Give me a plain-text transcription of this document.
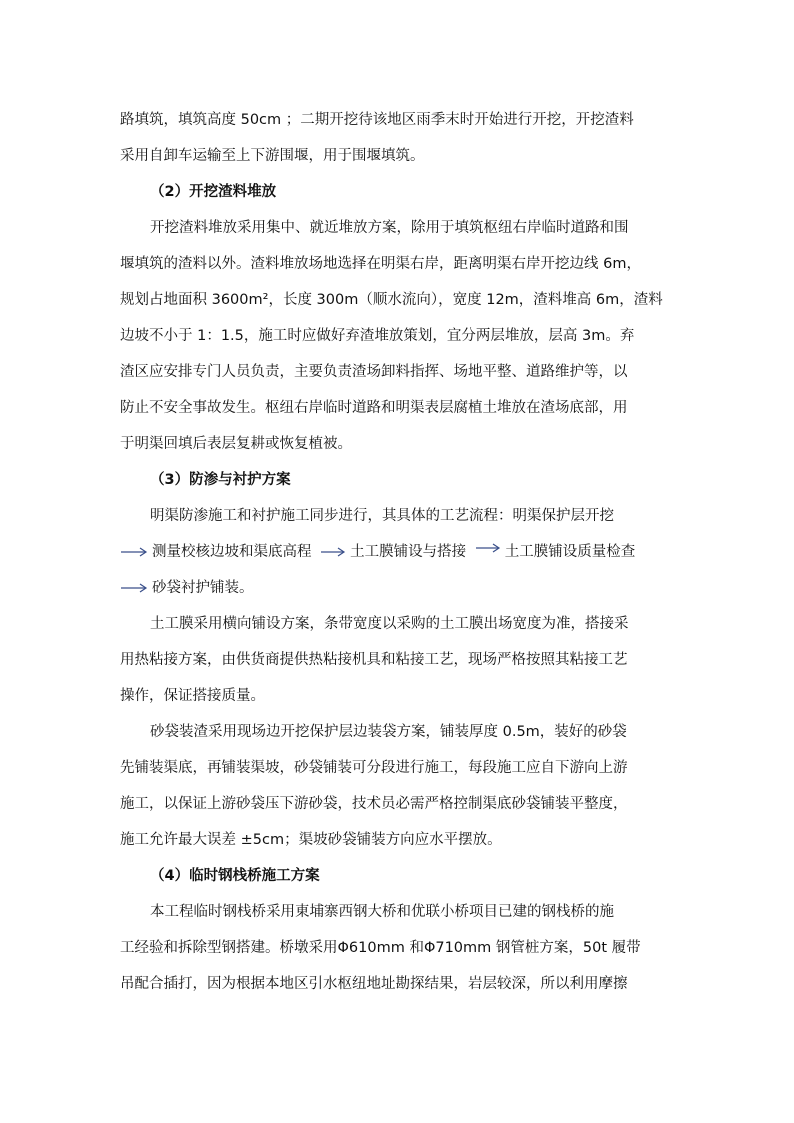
路填筑，填筑高度 50cm ；二期开挖待该地区雨季末时开始进行开挖，开挖渣料
采用自卸车运输至上下游围堰，用于围堰填筑。
（2）开挖渣料堆放
开挖渣料堆放采用集中、就近堆放方案，除用于填筑枢纽右岸临时道路和围
堰填筑的渣料以外。渣料堆放场地选择在明渠右岸，距离明渠右岸开挖边线 6m，
规划占地面积 3600m²，长度 300m（顺水流向），宽度 12m，渣料堆高 6m，渣料
边坡不小于 1：1.5，施工时应做好弃渣堆放策划，宜分两层堆放，层高 3m。弃
渣区应安排专门人员负责，主要负责渣场卸料指挥、场地平整、道路维护等，以
防止不安全事故发生。枢纽右岸临时道路和明渠表层腐植土堆放在渣场底部，用
于明渠回填后表层复耕或恢复植被。
（3）防渗与衬护方案
明渠防渗施工和衬护施工同步进行，其具体的工艺流程：明渠保护层开挖
测量校核边坡和渠底高程	土工膜铺设与搭接	土工膜铺设质量检查
砂袋衬护铺装。
土工膜采用横向铺设方案，条带宽度以采购的土工膜出场宽度为准，搭接采
用热粘接方案，由供货商提供热粘接机具和粘接工艺，现场严格按照其粘接工艺
操作，保证搭接质量。
砂袋装渣采用现场边开挖保护层边装袋方案，铺装厚度 0.5m，装好的砂袋
先铺装渠底，再铺装渠坡，砂袋铺装可分段进行施工，每段施工应自下游向上游
施工，以保证上游砂袋压下游砂袋，技术员必需严格控制渠底砂袋铺装平整度，
施工允许最大误差 ±5cm；渠坡砂袋铺装方向应水平摆放。
（4）临时钢栈桥施工方案
本工程临时钢栈桥采用東埔寨西钢大桥和优联小桥项目已建的钢栈桥的施
工经验和拆除型钢搭建。桥墩采用Φ610mm 和Φ710mm 钢管桩方案，50t 履带
吊配合插打，因为根据本地区引水枢纽地址勘探结果，岩层较深，所以利用摩擦
